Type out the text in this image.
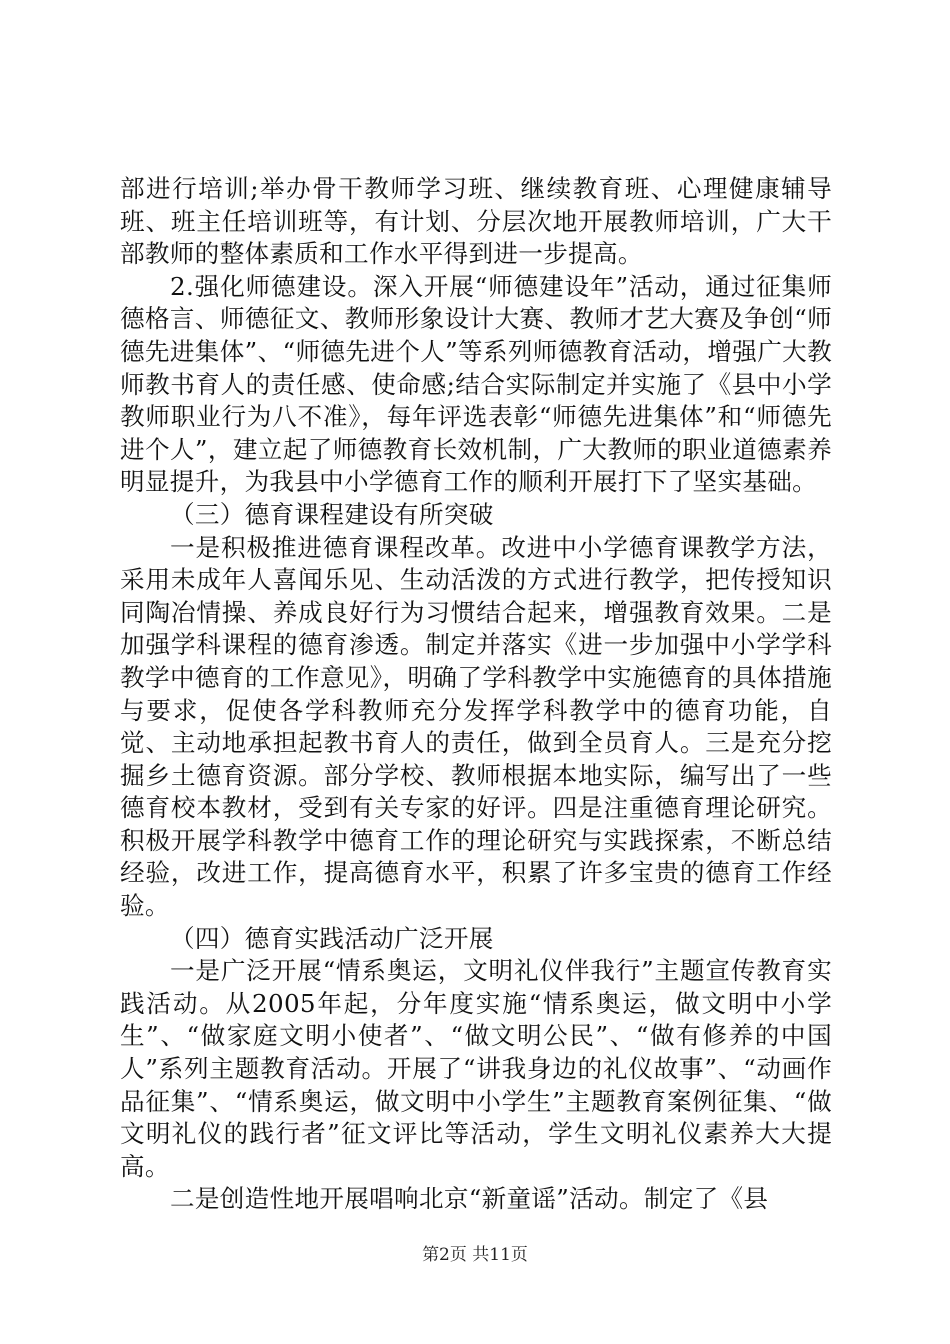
部进行培训;举办骨干教师学习班、继续教育班、心理健康辅导班、班主任培训班等，有计划、分层次地开展教师培训，广大干部教师的整体素质和工作水平得到进一步提高。

2.强化师德建设。深入开展“师德建设年”活动，通过征集师德格言、师德征文、教师形象设计大赛、教师才艺大赛及争创“师德先进集体”、“师德先进个人”等系列师德教育活动，增强广大教师教书育人的责任感、使命感;结合实际制定并实施了《县中小学教师职业行为八不准》，每年评选表彰“师德先进集体”和“师德先进个人”，建立起了师德教育长效机制，广大教师的职业道德素养明显提升，为我县中小学德育工作的顺利开展打下了坚实基础。

（三）德育课程建设有所突破

一是积极推进德育课程改革。改进中小学德育课教学方法，采用未成年人喜闻乐见、生动活泼的方式进行教学，把传授知识同陶冶情操、养成良好行为习惯结合起来，增强教育效果。二是加强学科课程的德育渗透。制定并落实《进一步加强中小学学科教学中德育的工作意见》，明确了学科教学中实施德育的具体措施与要求，促使各学科教师充分发挥学科教学中的德育功能，自觉、主动地承担起教书育人的责任，做到全员育人。三是充分挖掘乡土德育资源。部分学校、教师根据本地实际，编写出了一些德育校本教材，受到有关专家的好评。四是注重德育理论研究。积极开展学科教学中德育工作的理论研究与实践探索，不断总结经验，改进工作，提高德育水平，积累了许多宝贵的德育工作经验。

（四）德育实践活动广泛开展

一是广泛开展“情系奥运，文明礼仪伴我行”主题宣传教育实践活动。从2005年起，分年度实施“情系奥运，做文明中小学生”、“做家庭文明小使者”、“做文明公民”、“做有修养的中国人”系列主题教育活动。开展了“讲我身边的礼仪故事”、“动画作品征集”、“情系奥运，做文明中小学生”主题教育案例征集、“做文明礼仪的践行者”征文评比等活动，学生文明礼仪素养大大提高。

二是创造性地开展唱响北京“新童谣”活动。制定了《县

第2页 共11页
